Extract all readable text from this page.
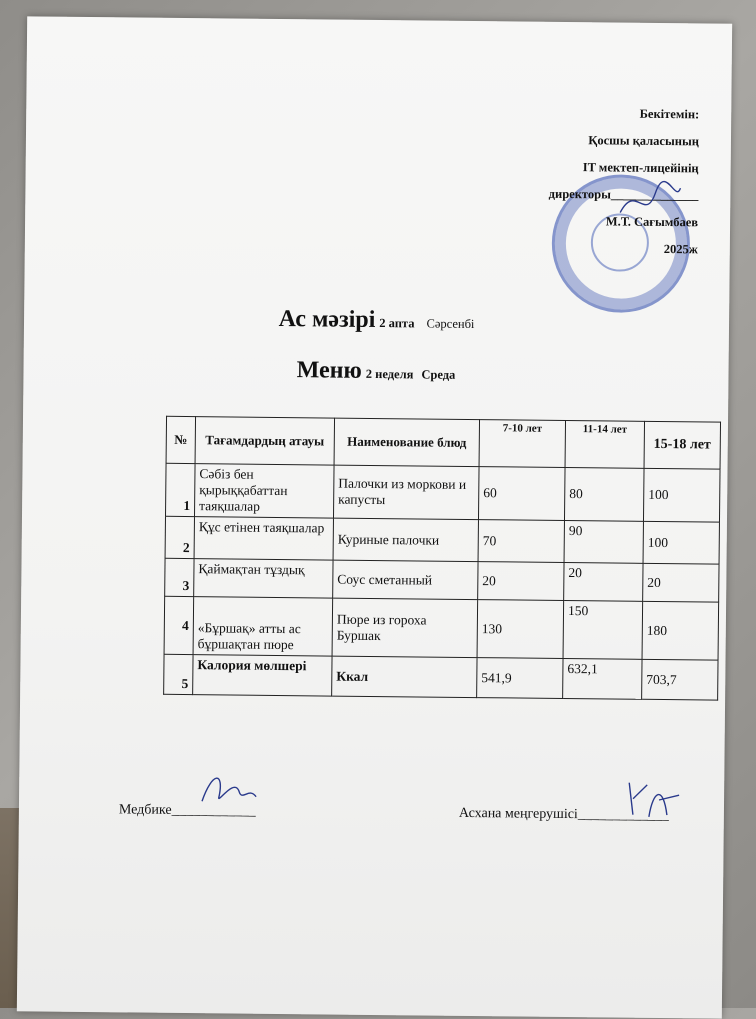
Бекітемін:
Қосшы қаласының
IT мектеп-лицейінің
директоры______________
М.Т. Сағымбаев
2025ж
Ас мәзірі 2 апта Сәрсенбі
Меню 2 неделя Среда
№	Тағамдардың атауы	Наименование блюд	7-10 лет	11-14 лет	15-18 лет
1	Сәбіз бен қырыққабаттан таяқшалар	Палочки из моркови и капусты	60	80	100
2	Құс етінен таяқшалар	Куриные палочки	70	90	100
3	Қаймақтан тұздық	Соус сметанный	20	20	20
4	«Бұршақ» атты ас бұршақтан пюре	Пюре из гороха Буршак	130	150	180
5	Калория мөлшері	Ккал	541,9	632,1	703,7
Медбике____________	Асхана меңгерушісі_____________
